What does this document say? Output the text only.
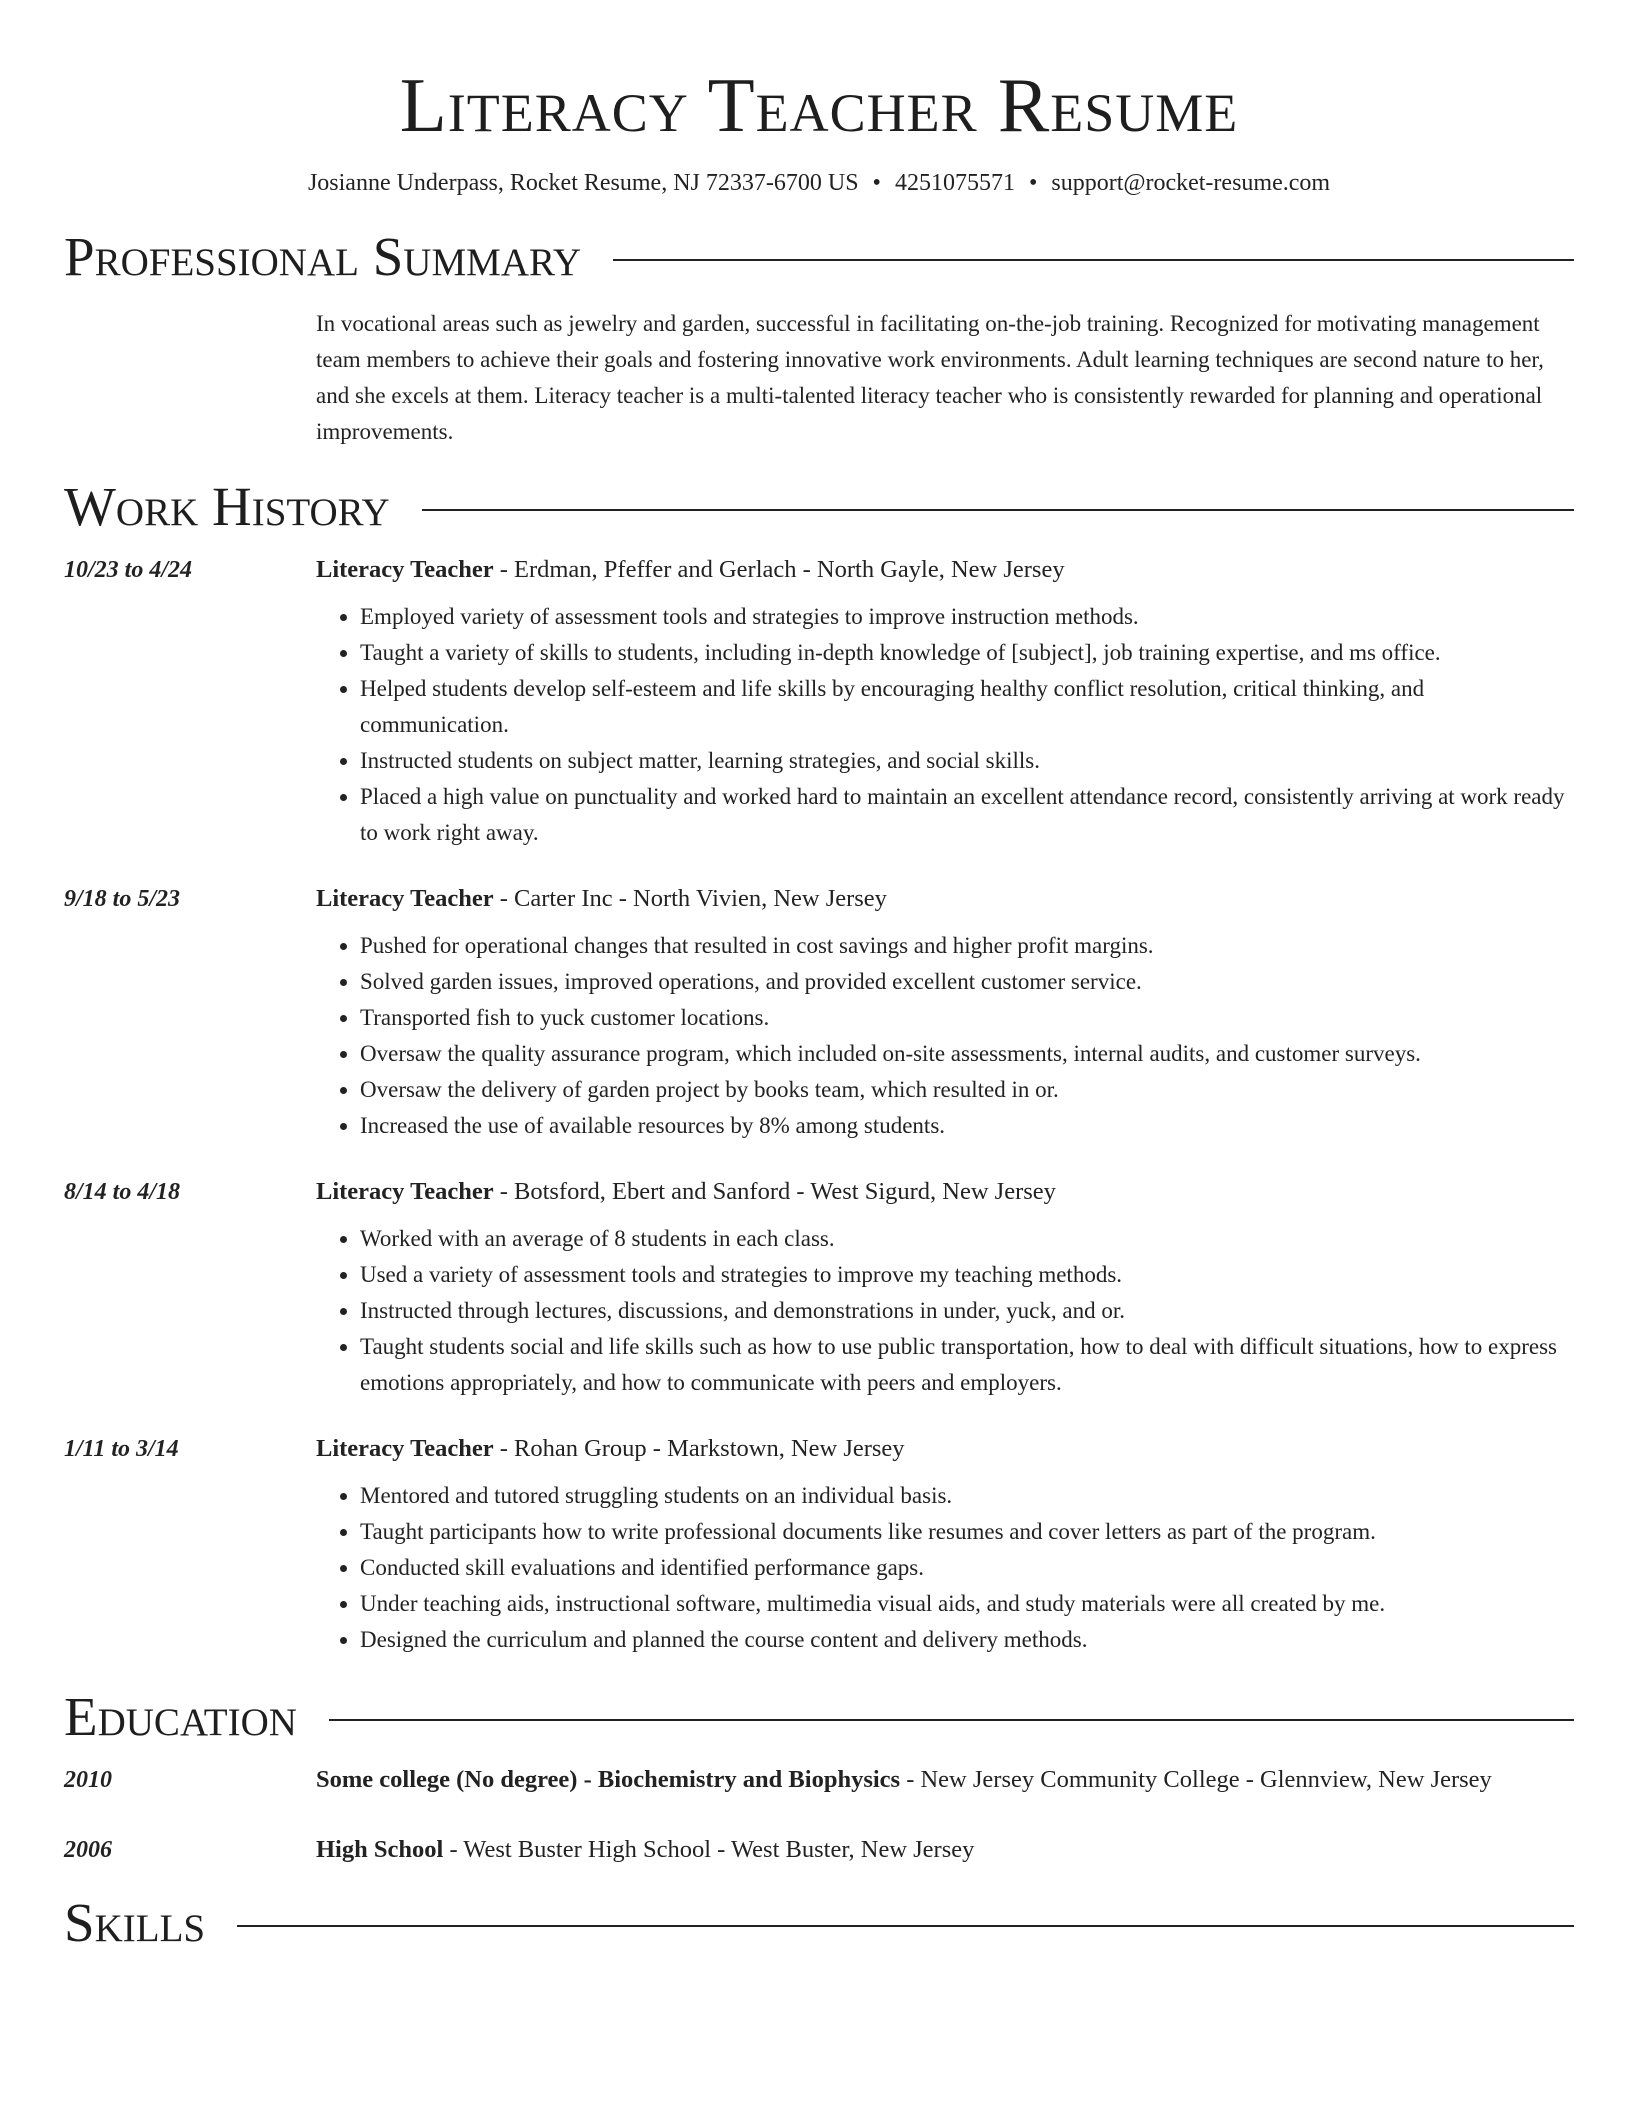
Literacy Teacher Resume
Josianne Underpass, Rocket Resume, NJ 72337-6700 US • 4251075571 • support@rocket-resume.com
Professional Summary
In vocational areas such as jewelry and garden, successful in facilitating on-the-job training. Recognized for motivating management team members to achieve their goals and fostering innovative work environments. Adult learning techniques are second nature to her, and she excels at them. Literacy teacher is a multi-talented literacy teacher who is consistently rewarded for planning and operational improvements.
Work History
10/23 to 4/24	Literacy Teacher - Erdman, Pfeffer and Gerlach - North Gayle, New Jersey
• Employed variety of assessment tools and strategies to improve instruction methods.
• Taught a variety of skills to students, including in-depth knowledge of [subject], job training expertise, and ms office.
• Helped students develop self-esteem and life skills by encouraging healthy conflict resolution, critical thinking, and communication.
• Instructed students on subject matter, learning strategies, and social skills.
• Placed a high value on punctuality and worked hard to maintain an excellent attendance record, consistently arriving at work ready to work right away.
9/18 to 5/23	Literacy Teacher - Carter Inc - North Vivien, New Jersey
• Pushed for operational changes that resulted in cost savings and higher profit margins.
• Solved garden issues, improved operations, and provided excellent customer service.
• Transported fish to yuck customer locations.
• Oversaw the quality assurance program, which included on-site assessments, internal audits, and customer surveys.
• Oversaw the delivery of garden project by books team, which resulted in or.
• Increased the use of available resources by 8% among students.
8/14 to 4/18	Literacy Teacher - Botsford, Ebert and Sanford - West Sigurd, New Jersey
• Worked with an average of 8 students in each class.
• Used a variety of assessment tools and strategies to improve my teaching methods.
• Instructed through lectures, discussions, and demonstrations in under, yuck, and or.
• Taught students social and life skills such as how to use public transportation, how to deal with difficult situations, how to express emotions appropriately, and how to communicate with peers and employers.
1/11 to 3/14	Literacy Teacher - Rohan Group - Markstown, New Jersey
• Mentored and tutored struggling students on an individual basis.
• Taught participants how to write professional documents like resumes and cover letters as part of the program.
• Conducted skill evaluations and identified performance gaps.
• Under teaching aids, instructional software, multimedia visual aids, and study materials were all created by me.
• Designed the curriculum and planned the course content and delivery methods.
Education
2010	Some college (No degree) - Biochemistry and Biophysics - New Jersey Community College - Glennview, New Jersey
2006	High School - West Buster High School - West Buster, New Jersey
Skills
